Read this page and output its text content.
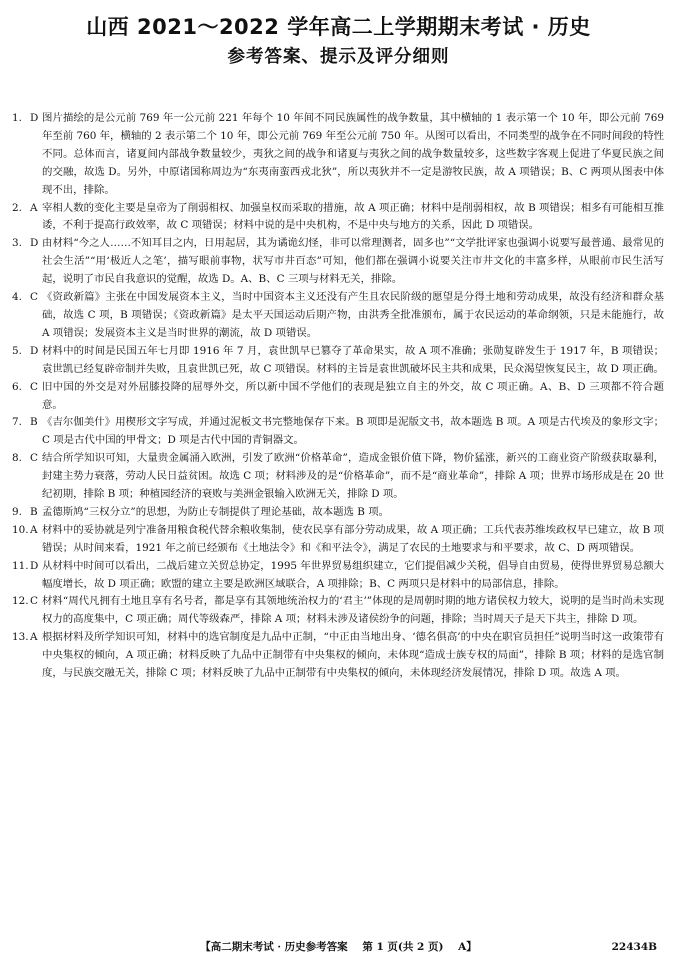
山西 2021～2022 学年高二上学期期末考试 · 历史
参考答案、提示及评分细则

1. D 图片描绘的是公元前 769 年一公元前 221 年每个 10 年间不同民族属性的战争数量，其中横轴的 1 表示第一个 10 年，即公元前 769 年至前 760 年，横轴的 2 表示第二个 10 年，即公元前 769 年至公元前 750 年。从图可以看出，不同类型的战争在不同时间段的特性不同。总体而言，诸夏间内部战争数量较少，夷狄之间的战争和诸夏与夷狄之间的战争数量较多，这些数字客观上促进了华夏民族之间的交融，故选 D。另外，中原诸国称周边为“东夷南蛮西戎北狄”，所以夷狄并不一定是游牧民族，故 A 项错误；B、C 两项从图表中体现不出，排除。

2. A 宰相人数的变化主要是皇帝为了削弱相权、加强皇权而采取的措施，故 A 项正确；材料中是削弱相权，故 B 项错误；相多有可能相互推诿，不利于提高行政效率，故 C 项错误；材料中说的是中央机构，不是中央与地方的关系，因此 D 项错误。

3. D 由材料“今之人……不知耳目之内，日用起居，其为谲诡幻怪，非可以常理测者，固多也”“文学批评家也强调小说要写最普通、最常见的社会生活”“用‘极近人之笔’，描写眼前事物，状写市井百态”可知，他们都在强调小说要关注市井文化的丰富多样，从眼前市民生活写起，说明了市民自我意识的觉醒，故选 D。A、B、C 三项与材料无关，排除。

4. C 《资政新篇》主张在中国发展资本主义，当时中国资本主义还没有产生且农民阶级的愿望是分得土地和劳动成果，故没有经济和群众基础，故选 C 项，B 项错误；《资政新篇》是太平天国运动后期产物，由洪秀全批准颁布，属于农民运动的革命纲领，只是未能施行，故 A 项错误；发展资本主义是当时世界的潮流，故 D 项错误。

5. D 材料中的时间是民国五年七月即 1916 年 7 月，袁世凯早已篡夺了革命果实，故 A 项不准确；张勋复辟发生于 1917 年，B 项错误；袁世凯已经复辟帝制并失败，且袁世凯已死，故 C 项错误。材料的主旨是袁世凯破坏民主共和成果，民众渴望恢复民主，故 D 项正确。

6. C 旧中国的外交是对外屈膝投降的屈辱外交，所以新中国不学他们的表现是独立自主的外交，故 C 项正确。A、B、D 三项都不符合题意。

7. B 《吉尔伽美什》用楔形文字写成，并通过泥板文书完整地保存下来。B 项即是泥版文书，故本题选 B 项。A 项是古代埃及的象形文字；C 项是古代中国的甲骨文；D 项是古代中国的青铜器文。

8. C 结合所学知识可知，大量贵金属涌入欧洲，引发了欧洲“价格革命”，造成金银价值下降，物价猛涨，新兴的工商业资产阶级获取暴利，封建主势力衰落，劳动人民日益贫困。故选 C 项；材料涉及的是“价格革命”，而不是“商业革命”，排除 A 项；世界市场形成是在 20 世纪初期，排除 B 项；种植园经济的衰败与美洲金银输入欧洲无关，排除 D 项。

9. B 孟德斯鸠“三权分立”的思想，为防止专制提供了理论基础，故本题选 B 项。

10. A 材料中的妥协就是列宁准备用粮食税代替余粮收集制，使农民享有部分劳动成果，故 A 项正确；工兵代表苏维埃政权早已建立，故 B 项错误；从时间来看，1921 年之前已经颁布《土地法令》和《和平法令》，满足了农民的土地要求与和平要求，故 C、D 两项错误。

11. D 从材料中时间可以看出，二战后建立关贸总协定，1995 年世界贸易组织建立，它们提倡减少关税，倡导自由贸易，使得世界贸易总额大幅度增长，故 D 项正确；欧盟的建立主要是欧洲区域联合，A 项排除；B、C 两项只是材料中的局部信息，排除。

12. C 材料“周代凡拥有土地且享有名号者，都是享有其领地统治权力的‘君主’”体现的是周朝时期的地方诸侯权力较大，说明的是当时尚未实现权力的高度集中，C 项正确；周代等级森严，排除 A 项；材料未涉及诸侯纷争的问题，排除；当时周天子是天下共主，排除 D 项。

13. A 根据材料及所学知识可知，材料中的选官制度是九品中正制，“中正由当地出身、‘德名俱高’的中央在职官员担任”说明当时这一政策带有中央集权的倾向，A 项正确；材料反映了九品中正制带有中央集权的倾向，未体现“造成士族专权的局面”，排除 B 项；材料的是选官制度，与民族交融无关，排除 C 项；材料反映了九品中正制带有中央集权的倾向，未体现经济发展情况，排除 D 项。故选 A 项。

【高二期末考试 · 历史参考答案 第 1 页(共 2 页) A】	22434B
